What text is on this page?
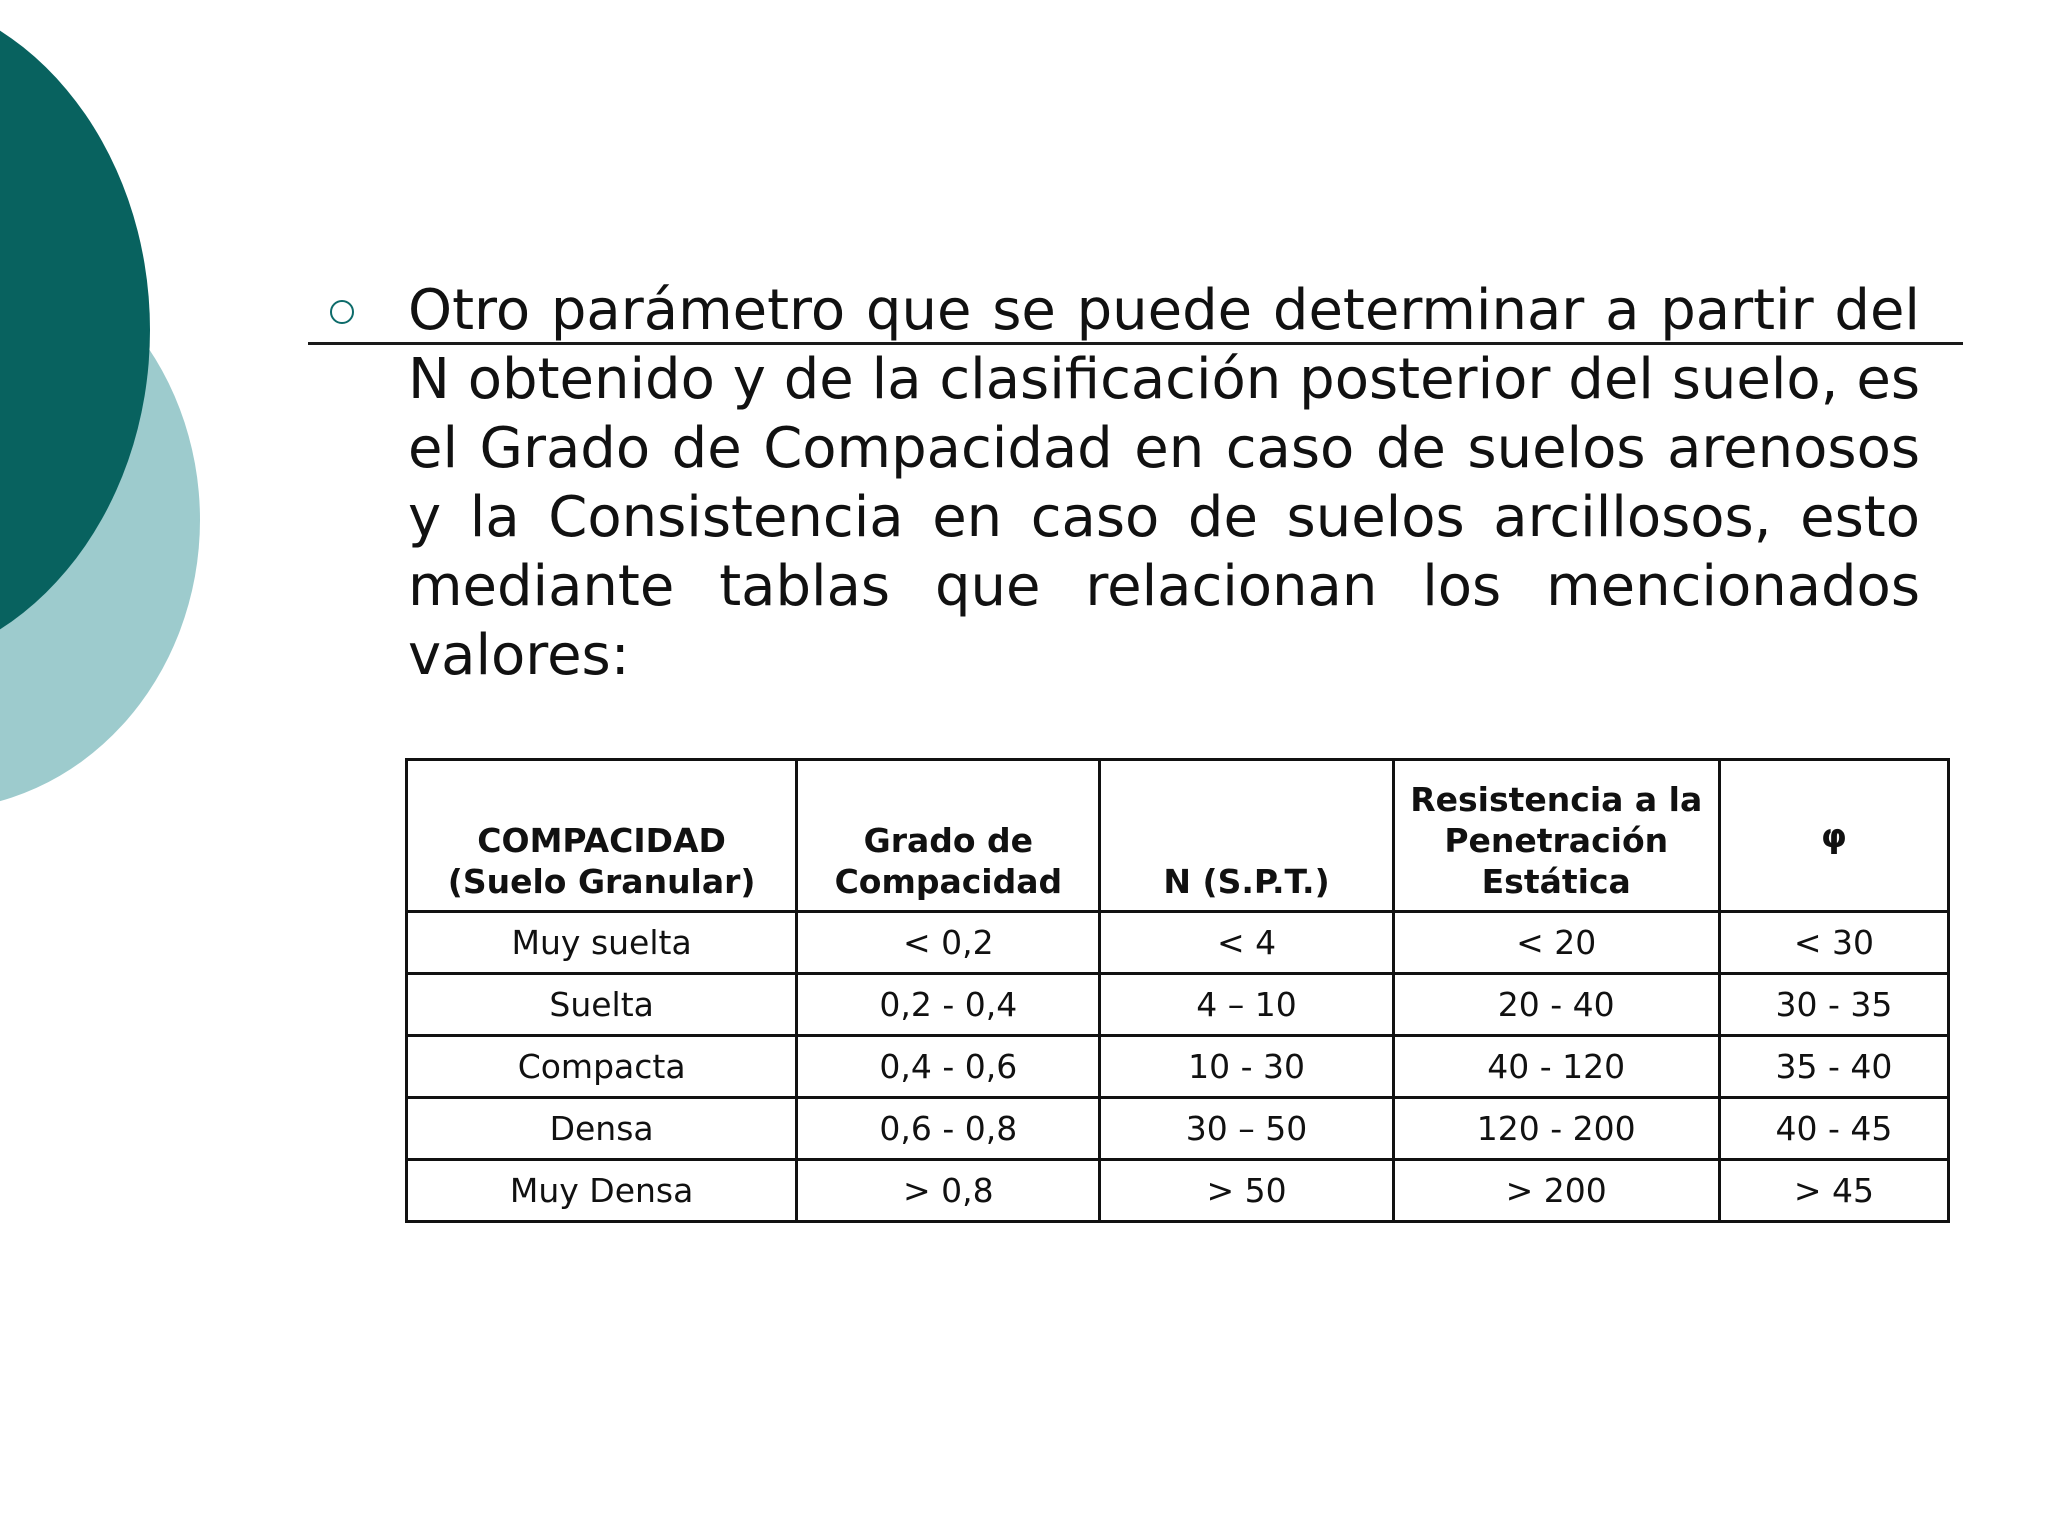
Otro parámetro que se puede determinar a partir del N obtenido y de la clasificación posterior del suelo, es el Grado de Compacidad en caso de suelos arenosos y la Consistencia en caso de suelos arcillosos, esto mediante tablas que relacionan los mencionados valores:

COMPACIDAD (Suelo Granular)	Grado de Compacidad	N (S.P.T.)	Resistencia a la Penetración Estática	φ
Muy suelta	< 0,2	< 4	< 20	< 30
Suelta	0,2 - 0,4	4 – 10	20 - 40	30 - 35
Compacta	0,4 - 0,6	10 - 30	40 - 120	35 - 40
Densa	0,6 - 0,8	30 – 50	120 - 200	40 - 45
Muy Densa	> 0,8	> 50	> 200	> 45
